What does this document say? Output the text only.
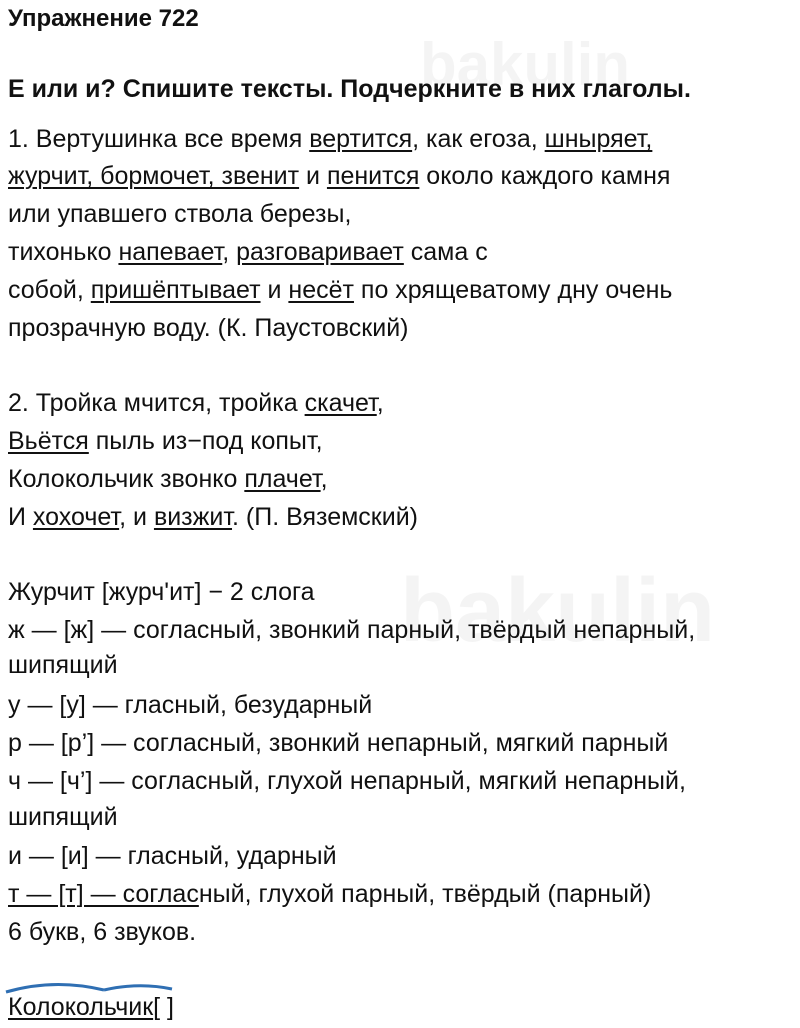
Упражнение 722
Е или и? Спишите тексты. Подчеркните в них глаголы.
1. Вертушинка все время вертится, как егоза, шныряет,
журчит, бормочет, звенит и пенится около каждого камня
или упавшего ствола березы,
тихонько напевает, разговаривает сама с
собой, пришёптывает и несёт по хрящеватому дну очень
прозрачную воду. (К. Паустовский)
2. Тройка мчится, тройка скачет,
Вьётся пыль из−под копыт,
Колокольчик звонко плачет,
И хохочет, и визжит. (П. Вяземский)
Журчит [журч'ит] − 2 слога
ж — [ж] — согласный, звонкий парный, твёрдый непарный,
шипящий
у — [у] — гласный, безударный
р — [р’] — согласный, звонкий непарный, мягкий парный
ч — [ч’] — согласный, глухой непарный, мягкий непарный,
шипящий
и — [и] — гласный, ударный
т — [т] — согласный, глухой парный, твёрдый (парный)
6 букв, 6 звуков.
Колокольчик[ ]
